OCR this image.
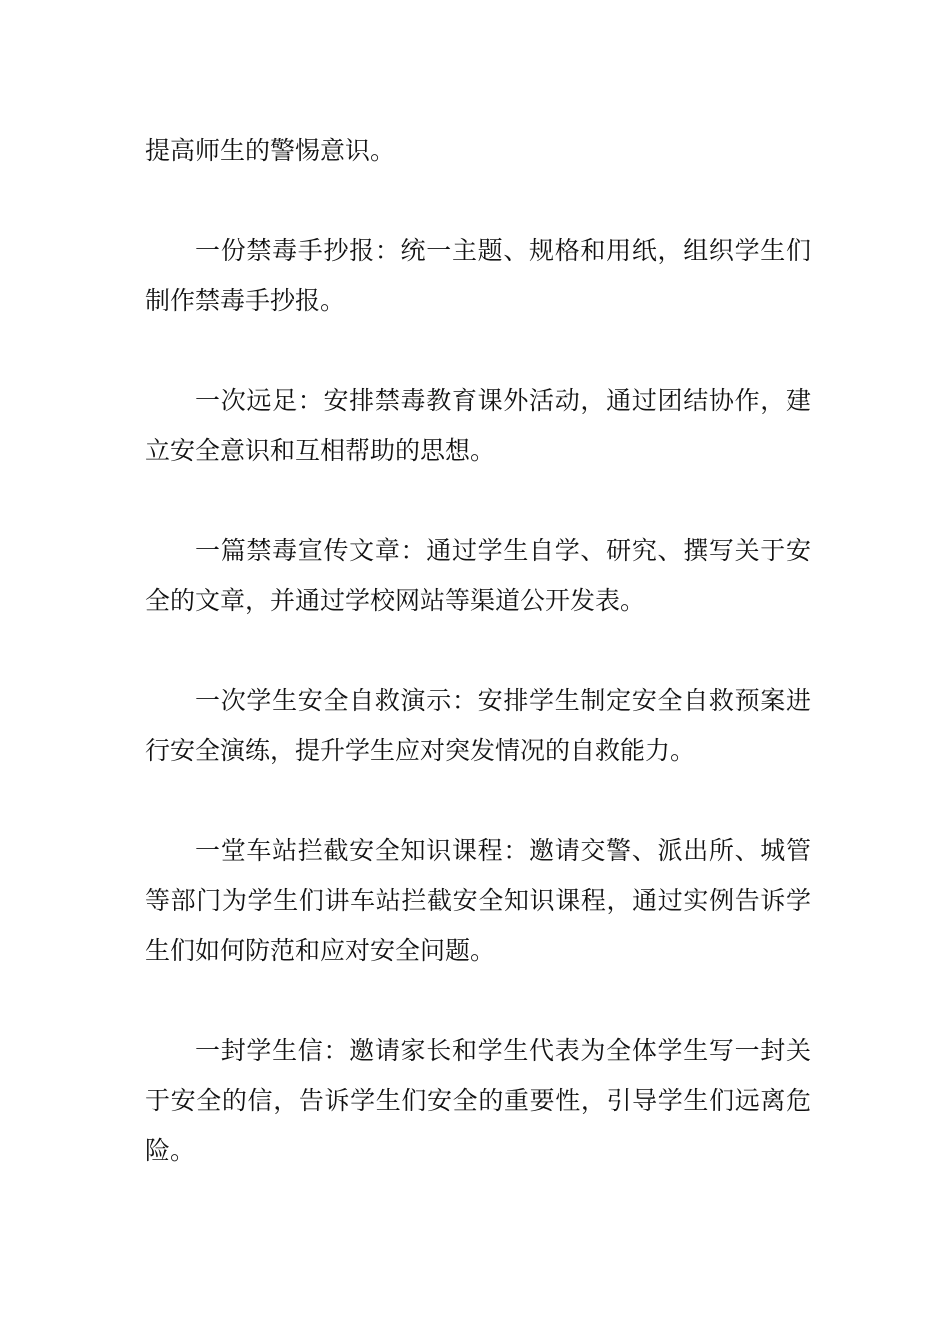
提高师生的警惕意识。

一份禁毒手抄报：统一主题、规格和用纸，组织学生们制作禁毒手抄报。

一次远足：安排禁毒教育课外活动，通过团结协作，建立安全意识和互相帮助的思想。

一篇禁毒宣传文章：通过学生自学、研究、撰写关于安全的文章，并通过学校网站等渠道公开发表。

一次学生安全自救演示：安排学生制定安全自救预案进行安全演练，提升学生应对突发情况的自救能力。

一堂车站拦截安全知识课程：邀请交警、派出所、城管等部门为学生们讲车站拦截安全知识课程，通过实例告诉学生们如何防范和应对安全问题。

一封学生信：邀请家长和学生代表为全体学生写一封关于安全的信，告诉学生们安全的重要性，引导学生们远离危险。
